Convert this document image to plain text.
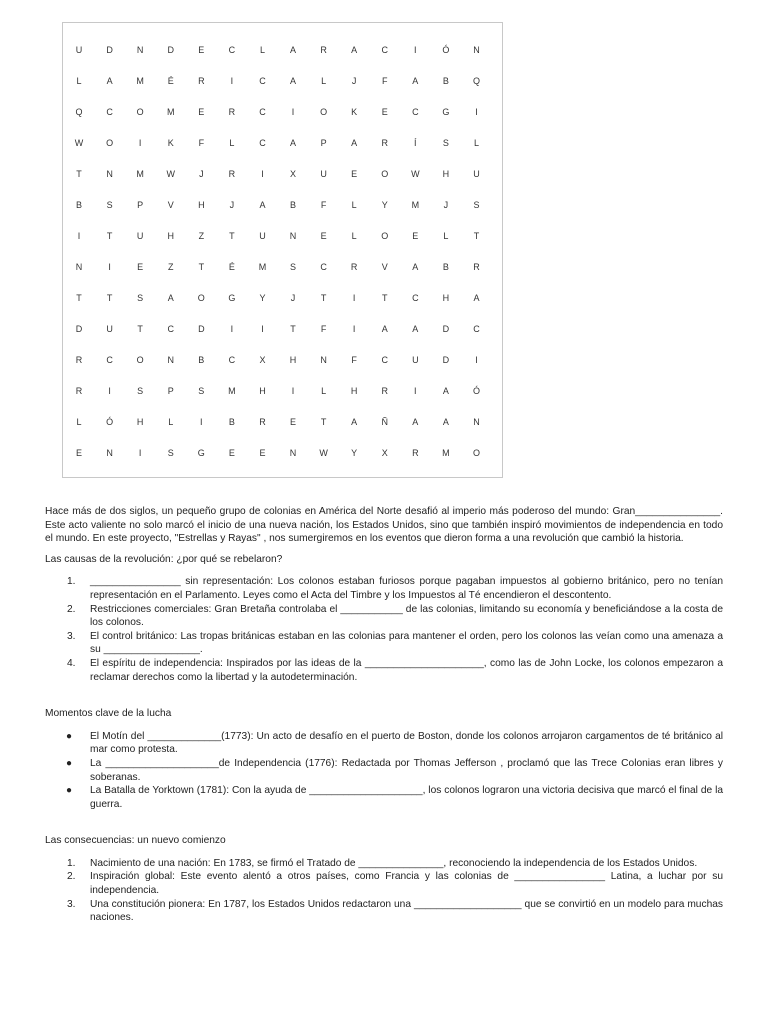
U	D	N	D	E	C	L	A	R	A	C	I	Ó	N
L	A	M	É	R	I	C	A	L	J	F	A	B	Q
Q	C	O	M	E	R	C	I	O	K	E	C	G	I
W	O	I	K	F	L	C	A	P	A	R	Í	S	L
T	N	M	W	J	R	I	X	U	E	O	W	H	U
B	S	P	V	H	J	A	B	F	L	Y	M	J	S
I	T	U	H	Z	T	U	N	E	L	O	E	L	T
N	I	E	Z	T	É	M	S	C	R	V	A	B	R
T	T	S	A	O	G	Y	J	T	I	T	C	H	A
D	U	T	C	D	I	I	T	F	I	A	A	D	C
R	C	O	N	B	C	X	H	N	F	C	U	D	I
R	I	S	P	S	M	H	I	L	H	R	I	A	Ó
L	Ó	H	L	I	B	R	E	T	A	Ñ	A	A	N
E	N	I	S	G	E	E	N	W	Y	X	R	M	O

Hace más de dos siglos, un pequeño grupo de colonias en América del Norte desafió al imperio más poderoso del mundo: Gran_______________. Este acto valiente no solo marcó el inicio de una nueva nación, los Estados Unidos, sino que también inspiró movimientos de independencia en todo el mundo. En este proyecto, "Estrellas y Rayas" , nos sumergiremos en los eventos que dieron forma a una revolución que cambió la historia.

Las causas de la revolución: ¿por qué se rebelaron?

1. ________________ sin representación: Los colonos estaban furiosos porque pagaban impuestos al gobierno británico, pero no tenían representación en el Parlamento. Leyes como el Acta del Timbre y los Impuestos al Té encendieron el descontento.
2. Restricciones comerciales: Gran Bretaña controlaba el ___________ de las colonias, limitando su economía y beneficiándose a la costa de los colonos.
3. El control británico: Las tropas británicas estaban en las colonias para mantener el orden, pero los colonos las veían como una amenaza a su _________________.
4. El espíritu de independencia: Inspirados por las ideas de la _____________________, como las de John Locke, los colonos empezaron a reclamar derechos como la libertad y la autodeterminación.

Momentos clave de la lucha

● El Motín del _____________(1773): Un acto de desafío en el puerto de Boston, donde los colonos arrojaron cargamentos de té británico al mar como protesta.
● La ____________________de Independencia (1776): Redactada por Thomas Jefferson , proclamó que las Trece Colonias eran libres y soberanas.
● La Batalla de Yorktown (1781): Con la ayuda de ____________________, los colonos lograron una victoria decisiva que marcó el final de la guerra.

Las consecuencias: un nuevo comienzo

1. Nacimiento de una nación: En 1783, se firmó el Tratado de _______________, reconociendo la independencia de los Estados Unidos.
2. Inspiración global: Este evento alentó a otros países, como Francia y las colonias de ________________ Latina, a luchar por su independencia.
3. Una constitución pionera: En 1787, los Estados Unidos redactaron una ___________________ que se convirtió en un modelo para muchas naciones.
